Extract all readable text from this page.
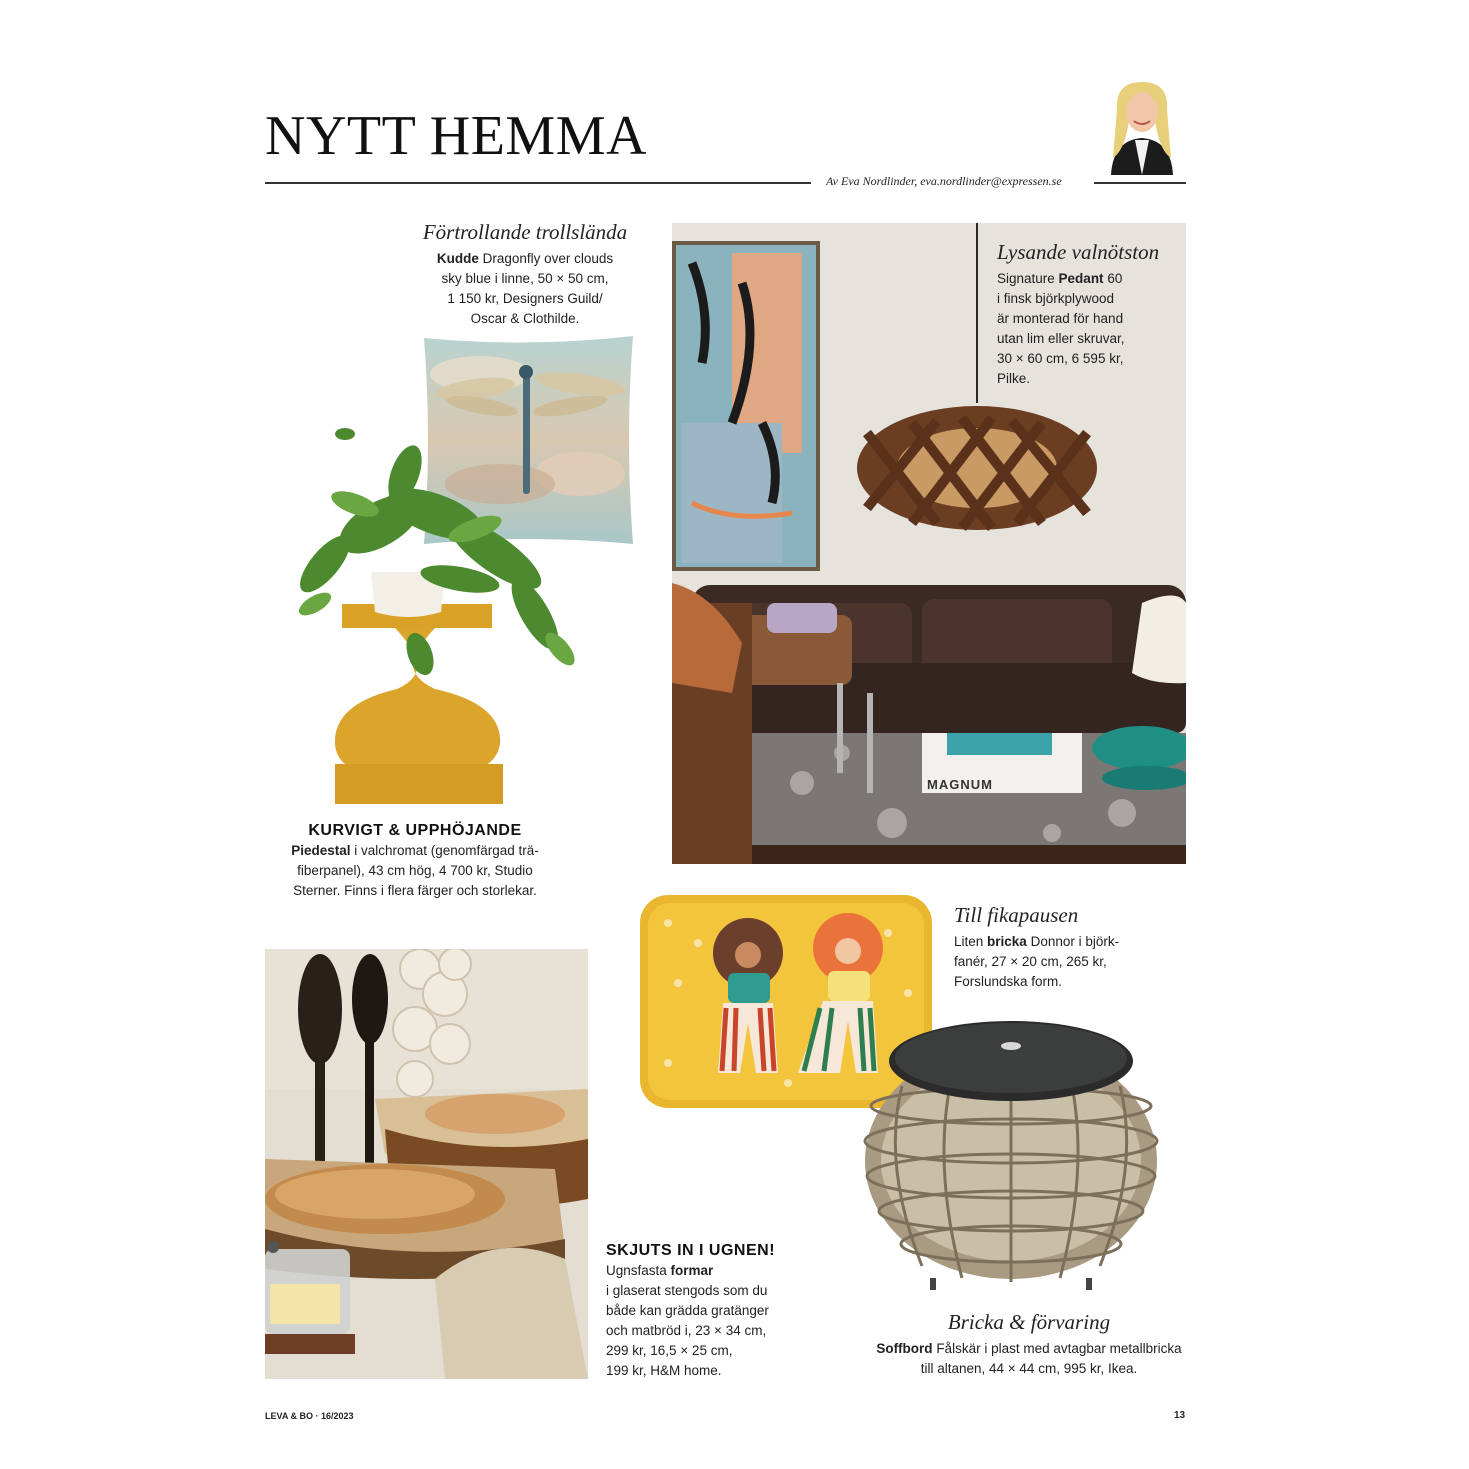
NYTT HEMMA
Av Eva Nordlinder, eva.nordlinder@expressen.se
Förtrollande trollslända
Kudde Dragonfly over clouds
sky blue i linne, 50 × 50 cm,
1 150 kr, Designers Guild/
Oscar & Clothilde.
MAGNUM
Lysande valnötston
Signature Pedant 60
i finsk björkplywood
är monterad för hand
utan lim eller skruvar,
30 × 60 cm, 6 595 kr,
Pilke.
KURVIGT & UPPHÖJANDE
Piedestal i valchromat (genomfärgad trä-
fiberpanel), 43 cm hög, 4 700 kr, Studio
Sterner. Finns i flera färger och storlekar.
Till fikapausen
Liten bricka Donnor i björk-
fanér, 27 × 20 cm, 265 kr,
Forslundska form.
SKJUTS IN I UGNEN!
Ugnsfasta formar
i glaserat stengods som du
både kan grädda gratänger
och matbröd i, 23 × 34 cm,
299 kr, 16,5 × 25 cm,
199 kr, H&M home.
Bricka & förvaring
Soffbord Fålskär i plast med avtagbar metallbricka
till altanen, 44 × 44 cm, 995 kr, Ikea.
LEVA & BO · 16/2023	13
